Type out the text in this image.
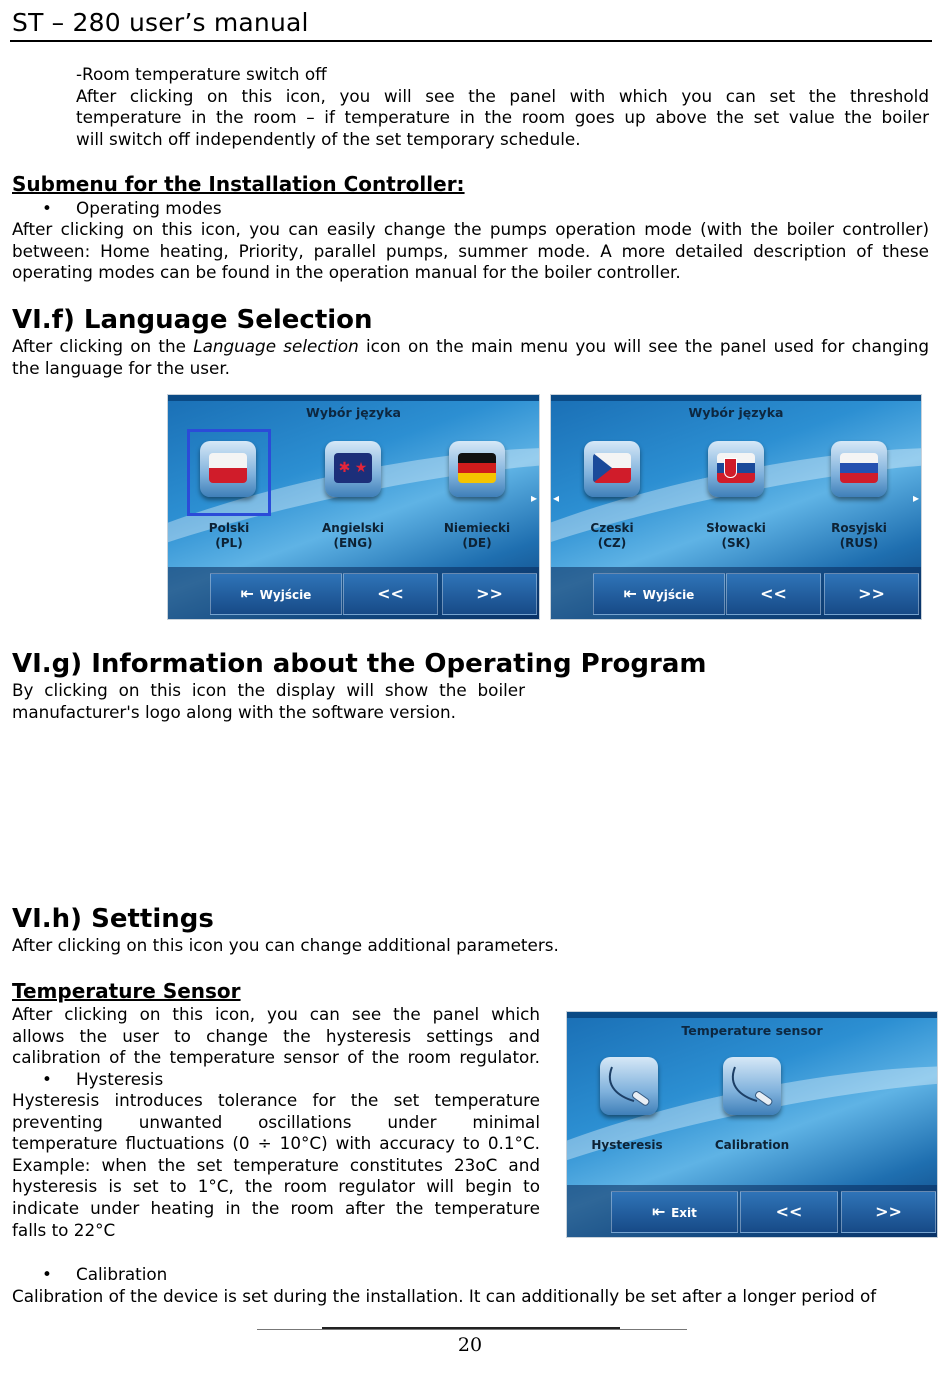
ST – 280 user’s manual
-Room temperature switch off
After clicking on this icon, you will see the panel with which you can set the threshold
temperature in the room – if temperature in the room goes up above the set value the boiler
will switch off independently of the set temporary schedule.
Submenu for the Installation Controller:
• Operating modes
After clicking on this icon, you can easily change the pumps operation mode (with the boiler controller)
between: Home heating, Priority, parallel pumps, summer mode. A more detailed description of these
operating modes can be found in the operation manual for the boiler controller.
VI.f) Language Selection
After clicking on the Language selection icon on the main menu you will see the panel used for changing
the language for the user.
Wybór języka
✱ ★
Polski
(PL)
Angielski
(ENG)
Niemiecki
(DE)
▸
⇤ Wyjście	<<	>>
Wybór języka
Czeski
(CZ)
Słowacki
(SK)
Rosyjski
(RUS)
◂	▸
⇤ Wyjście	<<	>>
VI.g) Information about the Operating Program
By clicking on this icon the display will show the boiler
manufacturer's logo along with the software version.
VI.h) Settings
After clicking on this icon you can change additional parameters.
Temperature Sensor
After clicking on this icon, you can see the panel which
allows the user to change the hysteresis settings and
calibration of the temperature sensor of the room regulator.
• Hysteresis
Hysteresis introduces tolerance for the set temperature
preventing unwanted oscillations under minimal
temperature fluctuations (0 ÷ 10°C) with accuracy to 0.1°C.
Example: when the set temperature constitutes 23oC and
hysteresis is set to 1°C, the room regulator will begin to
indicate under heating in the room after the temperature
falls to 22°C
Temperature sensor
Hysteresis	Calibration
⇤ Exit	<<	>>
• Calibration
Calibration of the device is set during the installation. It can additionally be set after a longer period of
20
